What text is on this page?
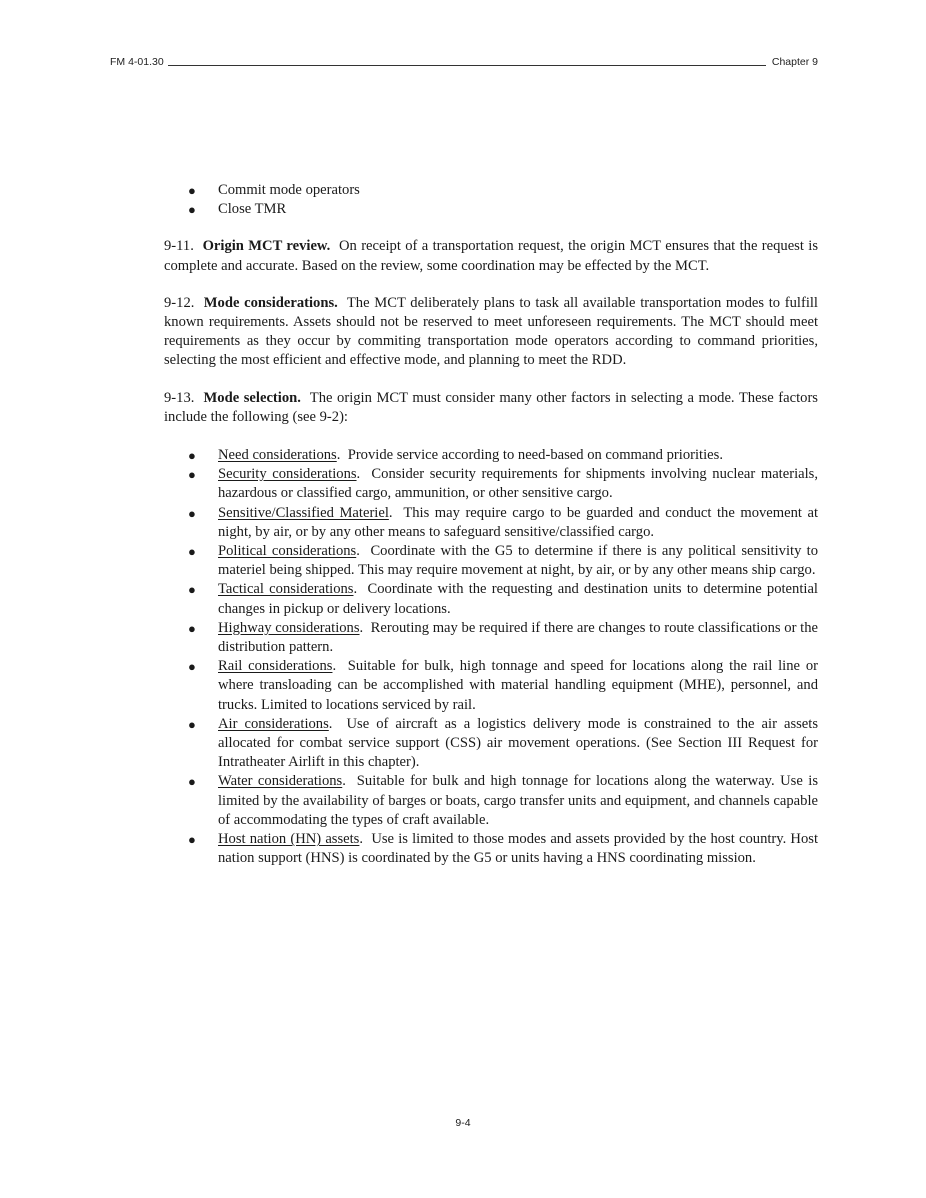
FM 4-01.30	Chapter 9
● Commit mode operators
● Close TMR

9-11. Origin MCT review. On receipt of a transportation request, the origin MCT ensures that the request is complete and accurate. Based on the review, some coordination may be effected by the MCT.

9-12. Mode considerations. The MCT deliberately plans to task all available transportation modes to fulfill known requirements. Assets should not be reserved to meet unforeseen requirements. The MCT should meet requirements as they occur by commiting transportation mode operators according to command priorities, selecting the most efficient and effective mode, and planning to meet the RDD.

9-13. Mode selection. The origin MCT must consider many other factors in selecting a mode. These factors include the following (see 9-2):

● Need considerations.  Provide service according to need-based on command priorities.
● Security considerations.  Consider security requirements for shipments involving nuclear materials, hazardous or classified cargo, ammunition, or other sensitive cargo.
● Sensitive/Classified Materiel.  This may require cargo to be guarded and conduct the movement at night, by air, or by any other means to safeguard sensitive/classified cargo.
● Political considerations.  Coordinate with the G5 to determine if there is any political sensitivity to materiel being shipped. This may require movement at night, by air, or by any other means ship cargo.
● Tactical considerations.  Coordinate with the requesting and destination units to determine potential changes in pickup or delivery locations.
● Highway considerations.  Rerouting may be required if there are changes to route classifications or the distribution pattern.
● Rail considerations.  Suitable for bulk, high tonnage and speed for locations along the rail line or where transloading can be accomplished with material handling equipment (MHE), personnel, and trucks. Limited to locations serviced by rail.
● Air considerations.  Use of aircraft as a logistics delivery mode is constrained to the air assets allocated for combat service support (CSS) air movement operations. (See Section III Request for Intratheater Airlift in this chapter).
● Water considerations.  Suitable for bulk and high tonnage for locations along the waterway. Use is limited by the availability of barges or boats, cargo transfer units and equipment, and channels capable of accommodating the types of craft available.
● Host nation (HN) assets.  Use is limited to those modes and assets provided by the host country. Host nation support (HNS) is coordinated by the G5 or units having a HNS coordinating mission.
9-4
